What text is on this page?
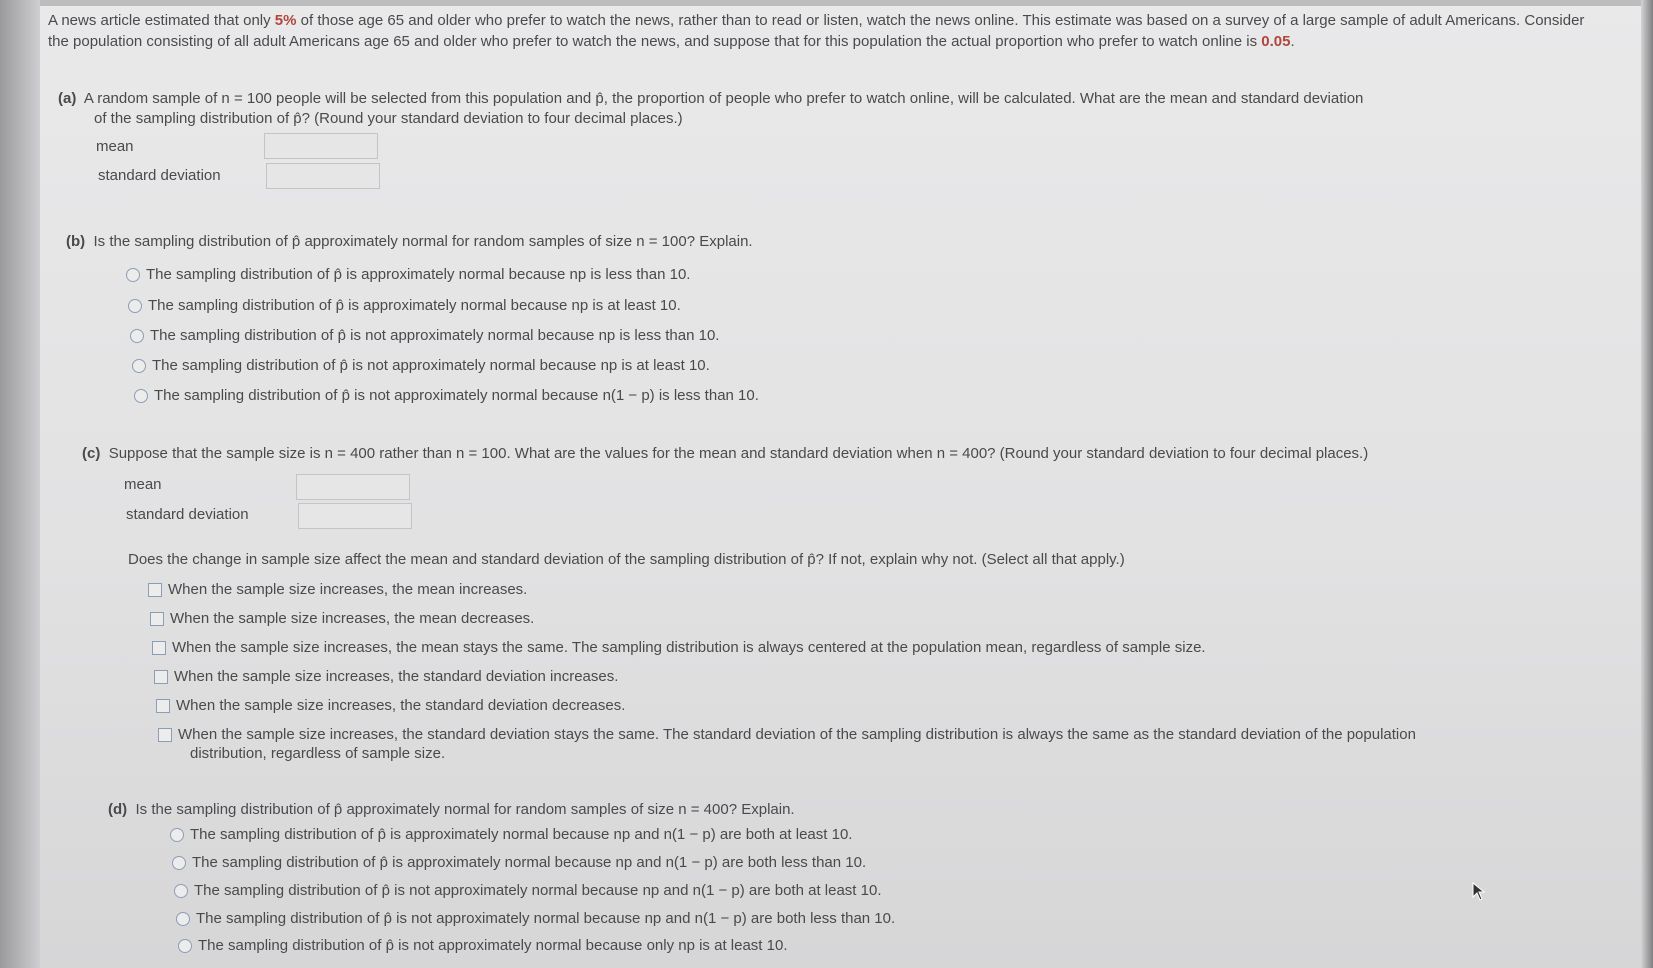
A news article estimated that only 5% of those age 65 and older who prefer to watch the news, rather than to read or listen, watch the news online. This estimate was based on a survey of a large sample of adult Americans. Consider the population consisting of all adult Americans age 65 and older who prefer to watch the news, and suppose that for this population the actual proportion who prefer to watch online is 0.05.
(a) A random sample of n = 100 people will be selected from this population and p̂, the proportion of people who prefer to watch online, will be calculated. What are the mean and standard deviation
of the sampling distribution of p̂? (Round your standard deviation to four decimal places.)
mean
standard deviation
(b) Is the sampling distribution of p̂ approximately normal for random samples of size n = 100? Explain.
The sampling distribution of p̂ is approximately normal because np is less than 10.
The sampling distribution of p̂ is approximately normal because np is at least 10.
The sampling distribution of p̂ is not approximately normal because np is less than 10.
The sampling distribution of p̂ is not approximately normal because np is at least 10.
The sampling distribution of p̂ is not approximately normal because n(1 − p) is less than 10.
(c) Suppose that the sample size is n = 400 rather than n = 100. What are the values for the mean and standard deviation when n = 400? (Round your standard deviation to four decimal places.)
mean
standard deviation
Does the change in sample size affect the mean and standard deviation of the sampling distribution of p̂? If not, explain why not. (Select all that apply.)
When the sample size increases, the mean increases.
When the sample size increases, the mean decreases.
When the sample size increases, the mean stays the same. The sampling distribution is always centered at the population mean, regardless of sample size.
When the sample size increases, the standard deviation increases.
When the sample size increases, the standard deviation decreases.
When the sample size increases, the standard deviation stays the same. The standard deviation of the sampling distribution is always the same as the standard deviation of the population
distribution, regardless of sample size.
(d) Is the sampling distribution of p̂ approximately normal for random samples of size n = 400? Explain.
The sampling distribution of p̂ is approximately normal because np and n(1 − p) are both at least 10.
The sampling distribution of p̂ is approximately normal because np and n(1 − p) are both less than 10.
The sampling distribution of p̂ is not approximately normal because np and n(1 − p) are both at least 10.
The sampling distribution of p̂ is not approximately normal because np and n(1 − p) are both less than 10.
The sampling distribution of p̂ is not approximately normal because only np is at least 10.
